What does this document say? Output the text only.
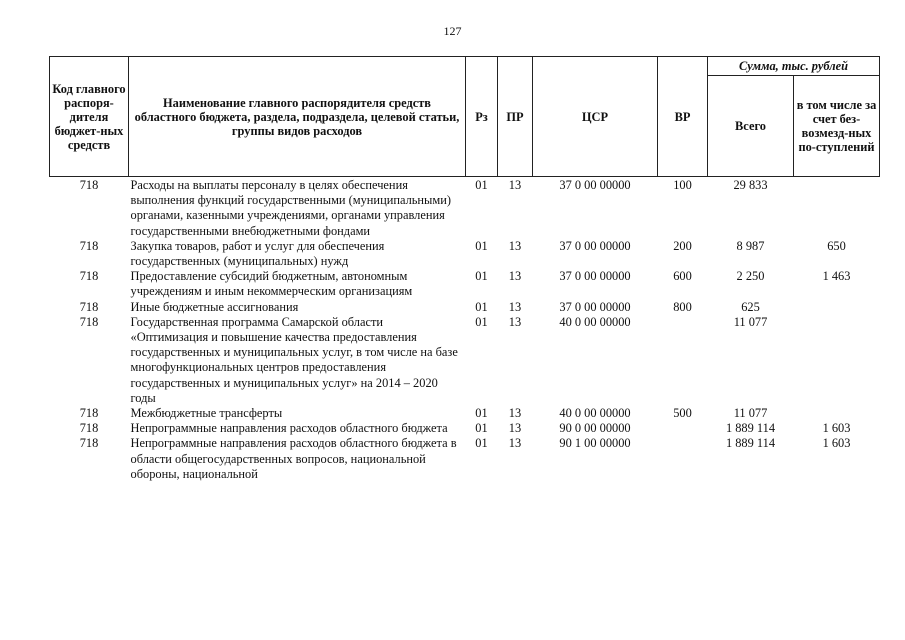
127
Код главного распоря-дителя бюджет-ных средств	Наименование главного распорядителя средств областного бюджета, раздела, подраздела, целевой статьи, группы видов расходов	Рз	ПР	ЦСР	ВР	Сумма, тыс. рублей	
						Всего	в том числе за счет без-возмезд-ных по-ступлений
718	Расходы на выплаты персоналу в целях обеспечения выполнения функций государственными (муниципальными) органами, казенными учреждениями, органами управления государственными внебюджетными фондами	01	13	37 0 00 00000	100	29 833	
718	Закупка товаров, работ и услуг для обеспечения государственных (муниципальных) нужд	01	13	37 0 00 00000	200	8 987	650
718	Предоставление субсидий бюджетным, автономным учреждениям и иным некоммерческим организациям	01	13	37 0 00 00000	600	2 250	1 463
718	Иные бюджетные ассигнования	01	13	37 0 00 00000	800	625	
718	Государственная программа Самарской области «Оптимизация и повышение качества предоставления государственных и муниципальных услуг, в том числе на базе многофункциональных центров предоставления государственных и муниципальных услуг» на 2014 – 2020 годы	01	13	40 0 00 00000		11 077	
718	Межбюджетные трансферты	01	13	40 0 00 00000	500	11 077	
718	Непрограммные направления расходов областного бюджета	01	13	90 0 00 00000		1 889 114	1 603
718	Непрограммные направления расходов областного бюджета в области общегосударственных вопросов, национальной обороны, национальной	01	13	90 1 00 00000		1 889 114	1 603
